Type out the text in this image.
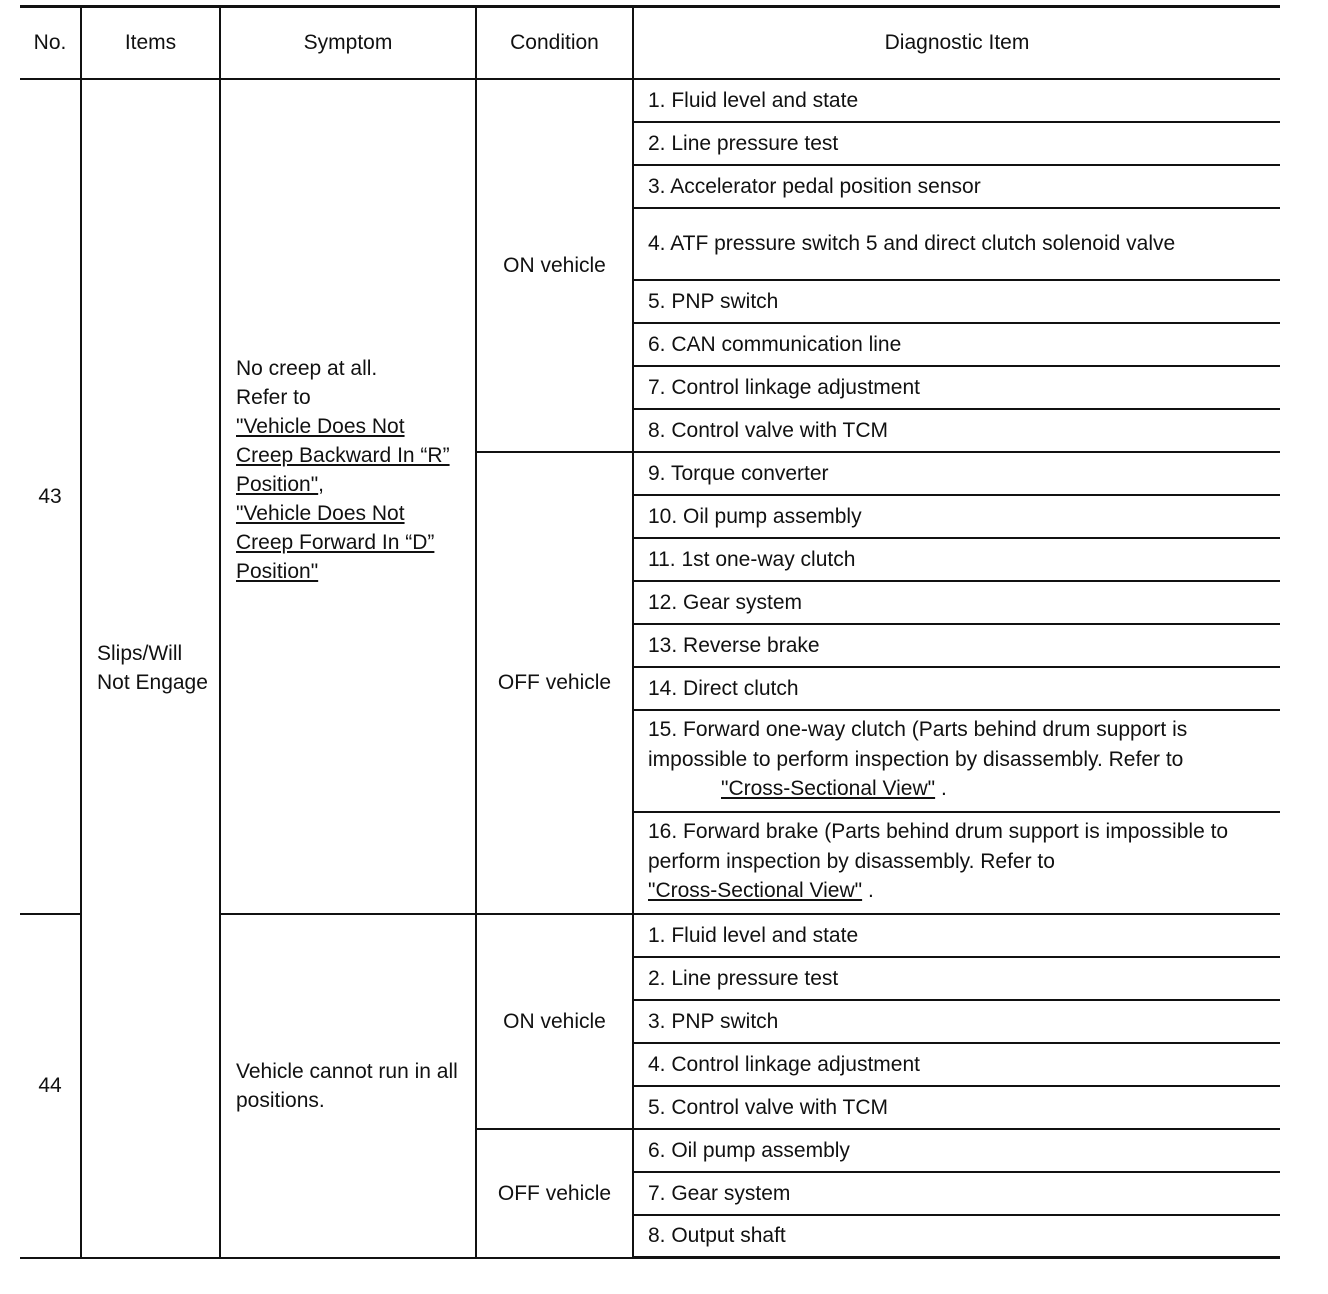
No.	Items	Symptom	Condition	Diagnostic Item
43	Slips/Will Not Engage	No creep at all.
Refer to
"Vehicle Does Not Creep Backward In “R” Position",
"Vehicle Does Not Creep Forward In “D” Position"	ON vehicle	1. Fluid level and state
				2. Line pressure test
				3. Accelerator pedal position sensor
				4. ATF pressure switch 5 and direct clutch solenoid valve
				5. PNP switch
				6. CAN communication line
				7. Control linkage adjustment
				8. Control valve with TCM
			OFF vehicle	9. Torque converter
				10. Oil pump assembly
				11. 1st one-way clutch
				12. Gear system
				13. Reverse brake
				14. Direct clutch
				15. Forward one-way clutch (Parts behind drum support is impossible to perform inspection by disassembly. Refer to
"Cross-Sectional View" .
				16. Forward brake (Parts behind drum support is impossible to perform inspection by disassembly. Refer to
"Cross-Sectional View" .
44		Vehicle cannot run in all positions.	ON vehicle	1. Fluid level and state
				2. Line pressure test
				3. PNP switch
				4. Control linkage adjustment
				5. Control valve with TCM
			OFF vehicle	6. Oil pump assembly
				7. Gear system
				8. Output shaft
